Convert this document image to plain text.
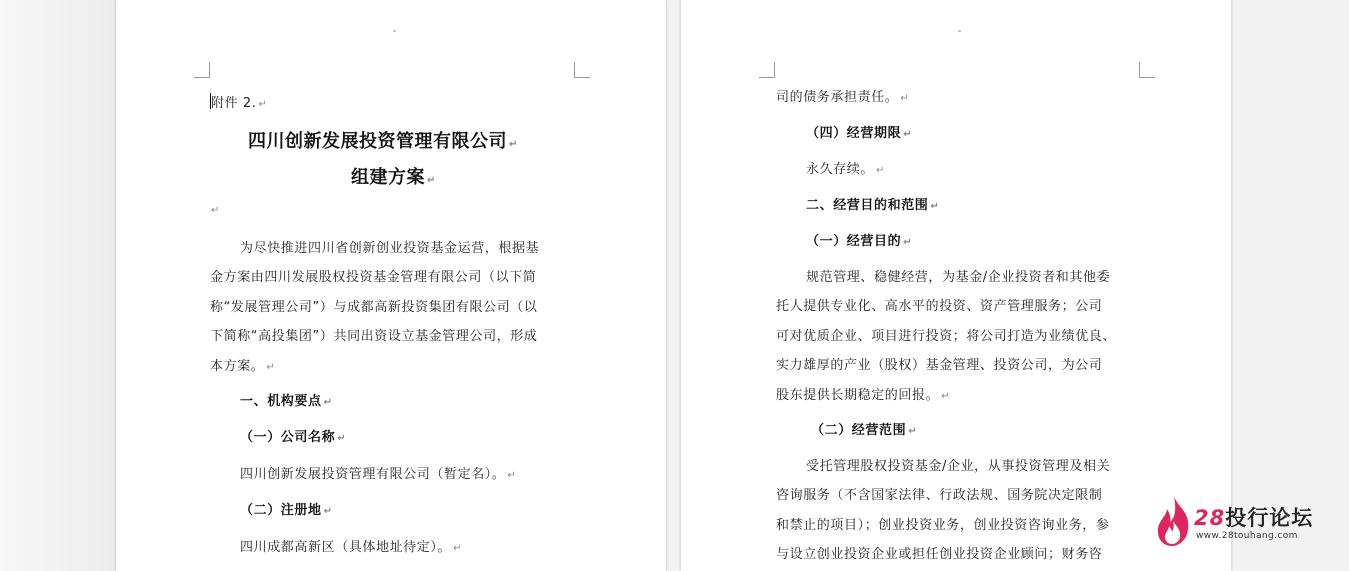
附件 2. ↵
四川创新发展投资管理有限公司 ↵
组建方案 ↵
↵
为尽快推进四川省创新创业投资基金运营，根据基
金方案由四川发展股权投资基金管理有限公司（以下简
称“发展管理公司”）与成都高新投资集团有限公司（以
下简称“高投集团”）共同出资设立基金管理公司，形成
本方案。 ↵
一、机构要点 ↵
（一）公司名称 ↵
四川创新发展投资管理有限公司（暂定名）。 ↵
（二）注册地 ↵
四川成都高新区（具体地址待定）。 ↵
司的债务承担责任。 ↵
（四）经营期限 ↵
永久存续。 ↵
二、经营目的和范围 ↵
（一）经营目的 ↵
规范管理、稳健经营，为基金/企业投资者和其他委
托人提供专业化、高水平的投资、资产管理服务；公司
可对优质企业、项目进行投资；将公司打造为业绩优良、
实力雄厚的产业（股权）基金管理、投资公司，为公司
股东提供长期稳定的回报。 ↵
（二）经营范围 ↵
受托管理股权投资基金/企业，从事投资管理及相关
咨询服务（不含国家法律、行政法规、国务院决定限制
和禁止的项目）；创业投资业务，创业投资咨询业务，参
与设立创业投资企业或担任创业投资企业顾问；财务咨
28投行论坛
www.28touhang.com
